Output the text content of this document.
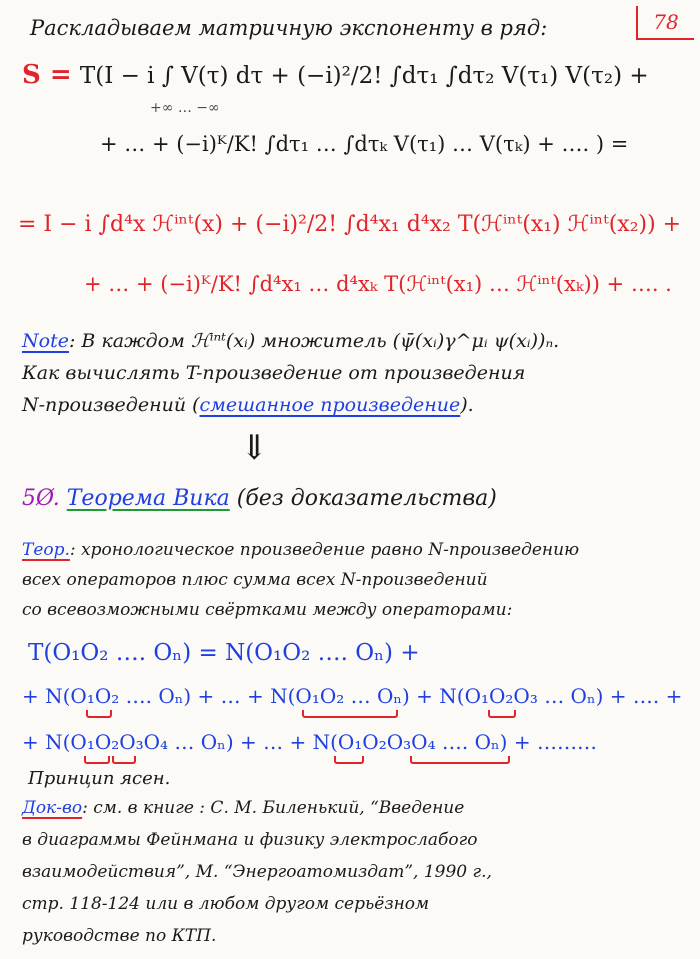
78
Раскладываем матричную экспоненту в ряд:
S = T(I − i ∫ V(τ) dτ + (−i)²/2! ∫dτ₁ ∫dτ₂ V(τ₁) V(τ₂) +
+∞ … −∞
+ … + (−i)ᴷ/K! ∫dτ₁ … ∫dτₖ V(τ₁) … V(τₖ) + …. ) =
= I − i ∫d⁴x ℋⁱⁿᵗ(x) + (−i)²/2! ∫d⁴x₁ d⁴x₂ T(ℋⁱⁿᵗ(x₁) ℋⁱⁿᵗ(x₂)) +
+ … + (−i)ᴷ/K! ∫d⁴x₁ … d⁴xₖ T(ℋⁱⁿᵗ(x₁) … ℋⁱⁿᵗ(xₖ)) + …. .
Note: В каждом ℋⁱⁿᵗ(xᵢ) множитель (ψ̄(xᵢ)γ^μᵢ ψ(xᵢ))ₙ.
Как вычислять T-произведение от произведения
N-произведений (смешанное произведение).
⇓
5Ø. Теорема Вика (без доказательства)
Теор.: хронологическое произведение равно N-произведению
всех операторов плюс сумма всех N-произведений
со всевозможными свёртками между операторами:
T(O₁O₂ …. Oₙ) = N(O₁O₂ …. Oₙ) +
+ N(O₁O₂ …. Oₙ) + … + N(O₁O₂ … Oₙ) + N(O₁O₂O₃ … Oₙ) + …. +
+ N(O₁O₂O₃O₄ … Oₙ) + … + N(O₁O₂O₃O₄ …. Oₙ) + ………
Принцип ясен.
Док-во: см. в книге : С. М. Биленький, “Введение
в диаграммы Фейнмана и физику электрослабого
взаимодействия”, М. “Энергоатомиздат”, 1990 г.,
стр. 118-124 или в любом другом серьёзном
руководстве по КТП.
